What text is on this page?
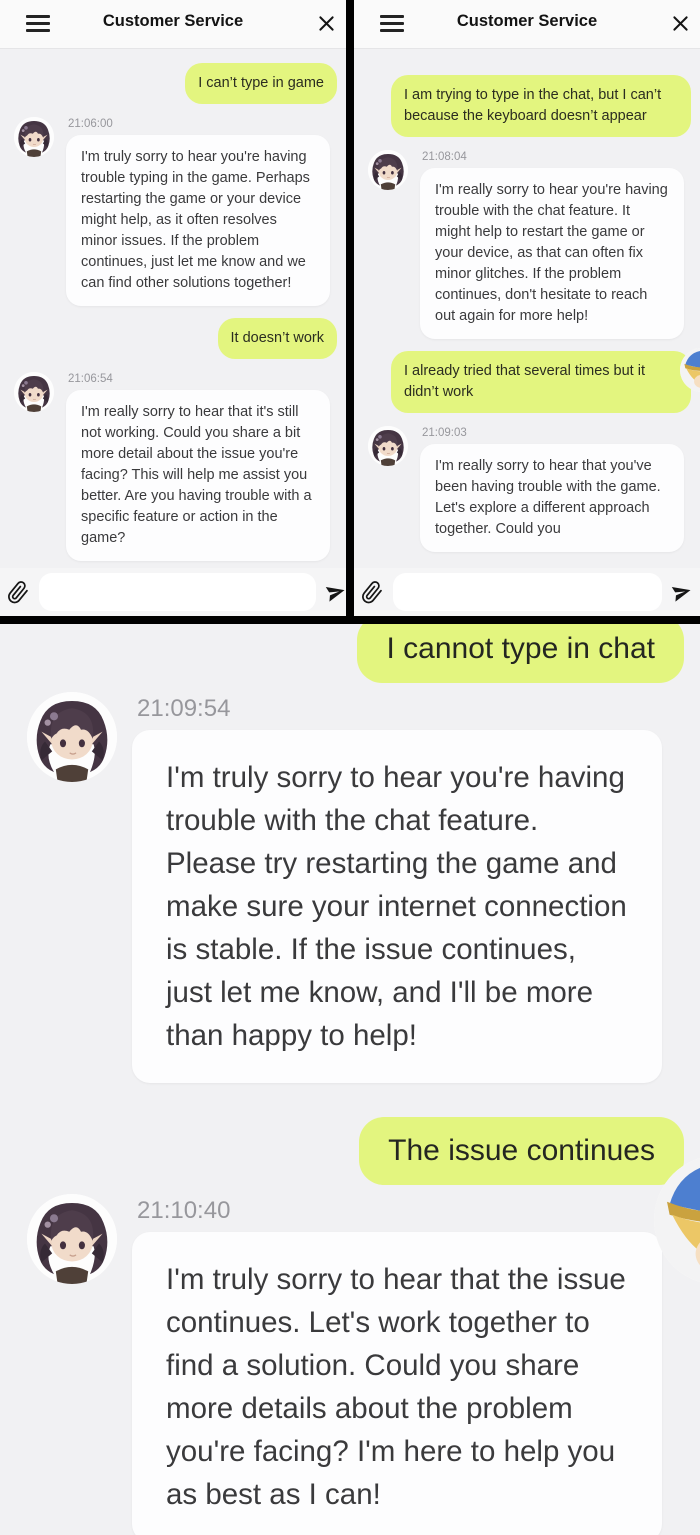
Customer Service
I can’t type in game
21:06:00
I'm truly sorry to hear you're having trouble typing in the game. Perhaps restarting the game or your device might help, as it often resolves minor issues. If the problem continues, just let me know and we can find other solutions together!
It doesn’t work
21:06:54
I'm really sorry to hear that it's still not working. Could you share a bit more detail about the issue you're facing? This will help me assist you better. Are you having trouble with a specific feature or action in the game?
Customer Service
I am trying to type in the chat, but I can’t because the keyboard doesn’t appear
21:08:04
I'm really sorry to hear you're having trouble with the chat feature. It might help to restart the game or your device, as that can often fix minor glitches. If the problem continues, don't hesitate to reach out again for more help!
I already tried that several times but it didn’t work
21:09:03
I'm really sorry to hear that you've been having trouble with the game. Let's explore a different approach together. Could you
I cannot type in chat
21:09:54
I'm truly sorry to hear you're having trouble with the chat feature. Please try restarting the game and make sure your internet connection is stable. If the issue continues, just let me know, and I'll be more than happy to help!
The issue continues
21:10:40
I'm truly sorry to hear that the issue continues. Let's work together to find a solution. Could you share more details about the problem you're facing? I'm here to help you as best as I can!
